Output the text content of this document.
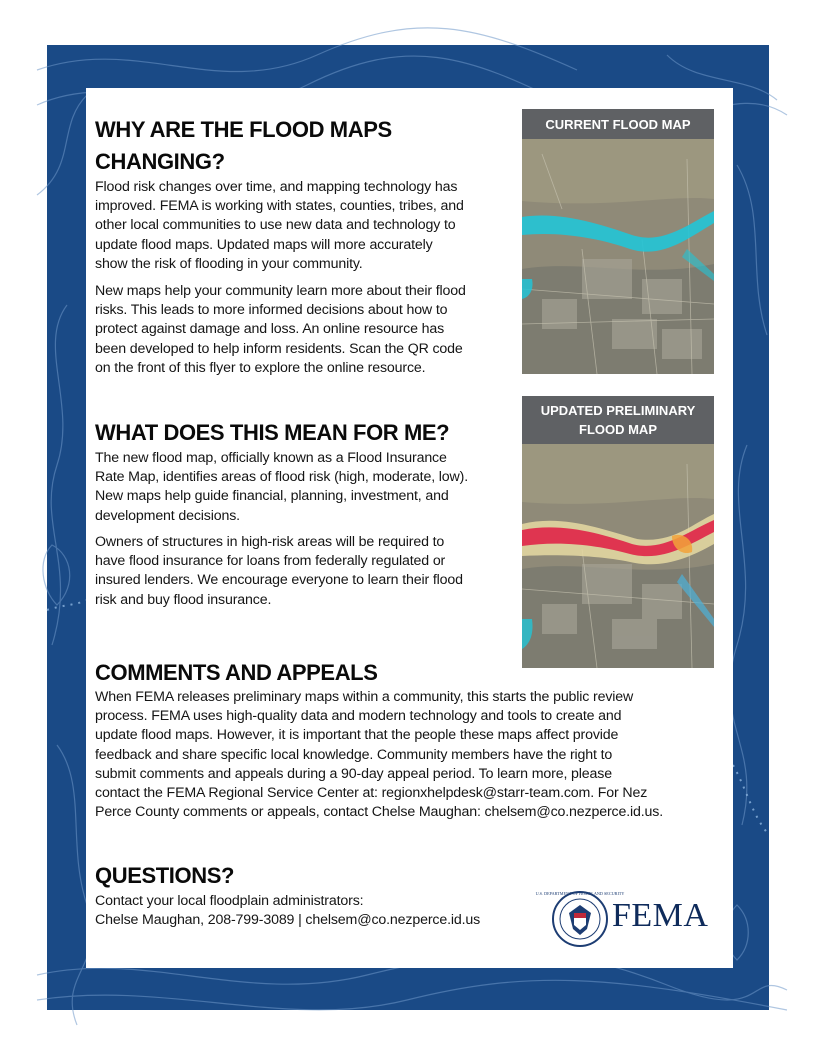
WHY ARE THE FLOOD MAPS
CHANGING?
Flood risk changes over time, and mapping technology has
improved. FEMA is working with states, counties, tribes, and
other local communities to use new data and technology to
update flood maps. Updated maps will more accurately
show the risk of flooding in your community.
New maps help your community learn more about their flood
risks. This leads to more informed decisions about how to
protect against damage and loss. An online resource has
been developed to help inform residents. Scan the QR code
on the front of this flyer to explore the online resource.
WHAT DOES THIS MEAN FOR ME?
The new flood map, officially known as a Flood Insurance
Rate Map, identifies areas of flood risk (high, moderate, low).
New maps help guide financial, planning, investment, and
development decisions.
Owners of structures in high-risk areas will be required to
have flood insurance for loans from federally regulated or
insured lenders. We encourage everyone to learn their flood
risk and buy flood insurance.
COMMENTS AND APPEALS
When FEMA releases preliminary maps within a community, this starts the public review
process. FEMA uses high-quality data and modern technology and tools to create and
update flood maps. However, it is important that the people these maps affect provide
feedback and share specific local knowledge. Community members have the right to
submit comments and appeals during a 90-day appeal period. To learn more, please
contact the FEMA Regional Service Center at: regionxhelpdesk@starr-team.com. For Nez
Perce County comments or appeals, contact Chelse Maughan: chelsem@co.nezperce.id.us.
QUESTIONS?
Contact your local floodplain administrators:
Chelse Maughan, 208-799-3089 | chelsem@co.nezperce.id.us
CURRENT FLOOD MAP
UPDATED PRELIMINARY
FLOOD MAP
U.S. DEPARTMENT OF HOMELAND SECURITY
FEMA
